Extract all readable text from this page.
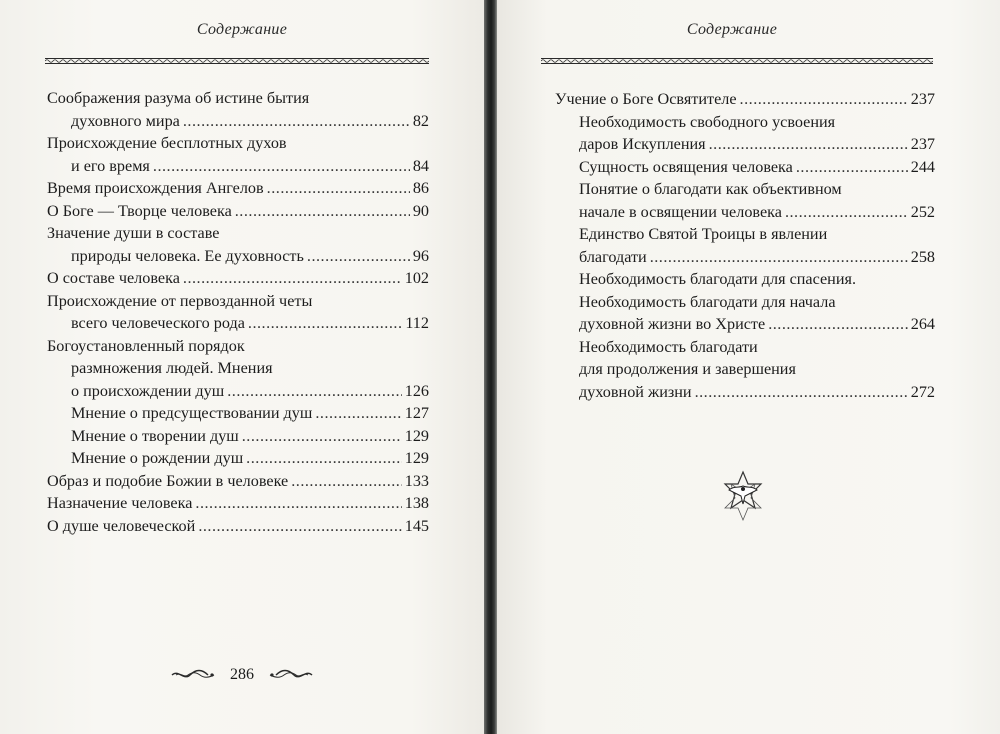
Содержание
Соображения разума об истине бытия
духовного мира .....	82
Происхождение бесплотных духов
и его время .....	84
Время происхождения Ангелов .....	86
О Боге — Творце человека .....	90
Значение души в составе
природы человека. Ее духовность .....	96
О составе человека .....	102
Происхождение от первозданной четы
всего человеческого рода .....	112
Богоустановленный порядок
размножения людей. Мнения
о происхождении душ .....	126
Мнение о предсуществовании душ .....	127
Мнение о творении душ .....	129
Мнение о рождении душ .....	129
Образ и подобие Божии в человеке .....	133
Назначение человека .....	138
О душе человеческой .....	145
286
Содержание
Учение о Боге Освятителе .....	237
Необходимость свободного усвоения
даров Искупления .....	237
Сущность освящения человека .....	244
Понятие о благодати как объективном
начале в освящении человека .....	252
Единство Святой Троицы в явлении
благодати .....	258
Необходимость благодати для спасения.
Необходимость благодати для начала
духовной жизни во Христе .....	264
Необходимость благодати
для продолжения и завершения
духовной жизни .....	272
